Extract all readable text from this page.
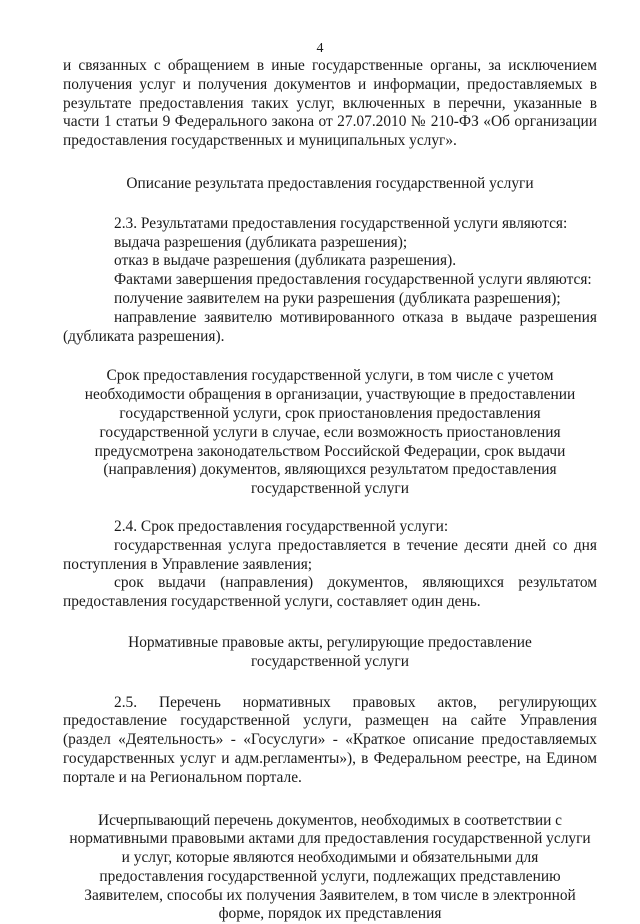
4

и связанных с обращением в иные государственные органы, за исключением

получения услуг и получения документов и информации, предоставляемых в

результате предоставления таких услуг, включенных в перечни, указанные в

части 1 статьи 9 Федерального закона от 27.07.2010 № 210-ФЗ «Об организации

предоставления государственных и муниципальных услуг».

Описание результата предоставления государственной услуги

2.3. Результатами предоставления государственной услуги являются:

выдача разрешения (дубликата разрешения);

отказ в выдаче разрешения (дубликата разрешения).

Фактами завершения предоставления государственной услуги являются:

получение заявителем на руки разрешения (дубликата разрешения);

направление заявителю мотивированного отказа в выдаче разрешения

(дубликата разрешения).

Срок предоставления государственной услуги, в том числе с учетом

необходимости обращения в организации, участвующие в предоставлении

государственной услуги, срок приостановления предоставления

государственной услуги в случае, если возможность приостановления

предусмотрена законодательством Российской Федерации, срок выдачи

(направления) документов, являющихся результатом предоставления

государственной услуги

2.4. Срок предоставления государственной услуги:

государственная услуга предоставляется в течение десяти дней со дня

поступления в Управление заявления;

срок выдачи (направления) документов, являющихся результатом

предоставления государственной услуги, составляет один день.

Нормативные правовые акты, регулирующие предоставление

государственной услуги

2.5. Перечень нормативных правовых актов, регулирующих

предоставление государственной услуги, размещен на сайте Управления

(раздел «Деятельность» - «Госуслуги» - «Краткое описание предоставляемых

государственных услуг и адм.регламенты»), в Федеральном реестре, на Едином

портале и на Региональном портале.

Исчерпывающий перечень документов, необходимых в соответствии с

нормативными правовыми актами для предоставления государственной услуги

и услуг, которые являются необходимыми и обязательными для

предоставления государственной услуги, подлежащих представлению

Заявителем, способы их получения Заявителем, в том числе в электронной

форме, порядок их представления
